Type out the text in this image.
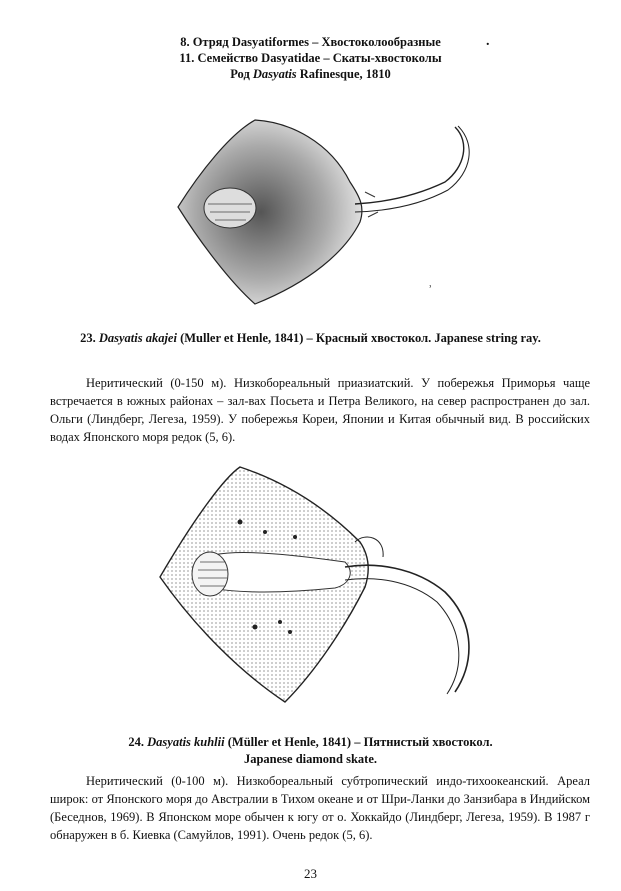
8. Отряд Dasyatiformes – Хвостоколообразные
11. Семейство Dasyatidae – Скаты-хвостоколы
Род Dasyatis Rafinesque, 1810
.
ʾ
23. Dasyatis akajei (Muller et Henle, 1841) – Красный хвостокол. Japanese string ray.
Неритический (0-150 м). Низкобореальный приазиатский. У побережья Приморья чаще встречается в южных районах – зал-вах Посьета и Петра Великого, на север распространен до зал. Ольги (Линдберг, Легеза, 1959). У побережья Кореи, Японии и Китая обычный вид. В российских водах Японского моря редок (5, 6).
24. Dasyatis kuhlii (Müller et Henle, 1841) – Пятнистый хвостокол.
Japanese diamond skate.
Неритический (0-100 м). Низкобореальный субтропический индо-тихоокеанский. Ареал широк: от Японского моря до Австралии в Тихом океане и от Шри-Ланки до Занзибара в Индийском (Беседнов, 1969). В Японском море обычен к югу от о. Хоккайдо (Линдберг, Легеза, 1959). В 1987 г обнаружен в б. Киевка (Самуйлов, 1991). Очень редок (5, 6).
23
